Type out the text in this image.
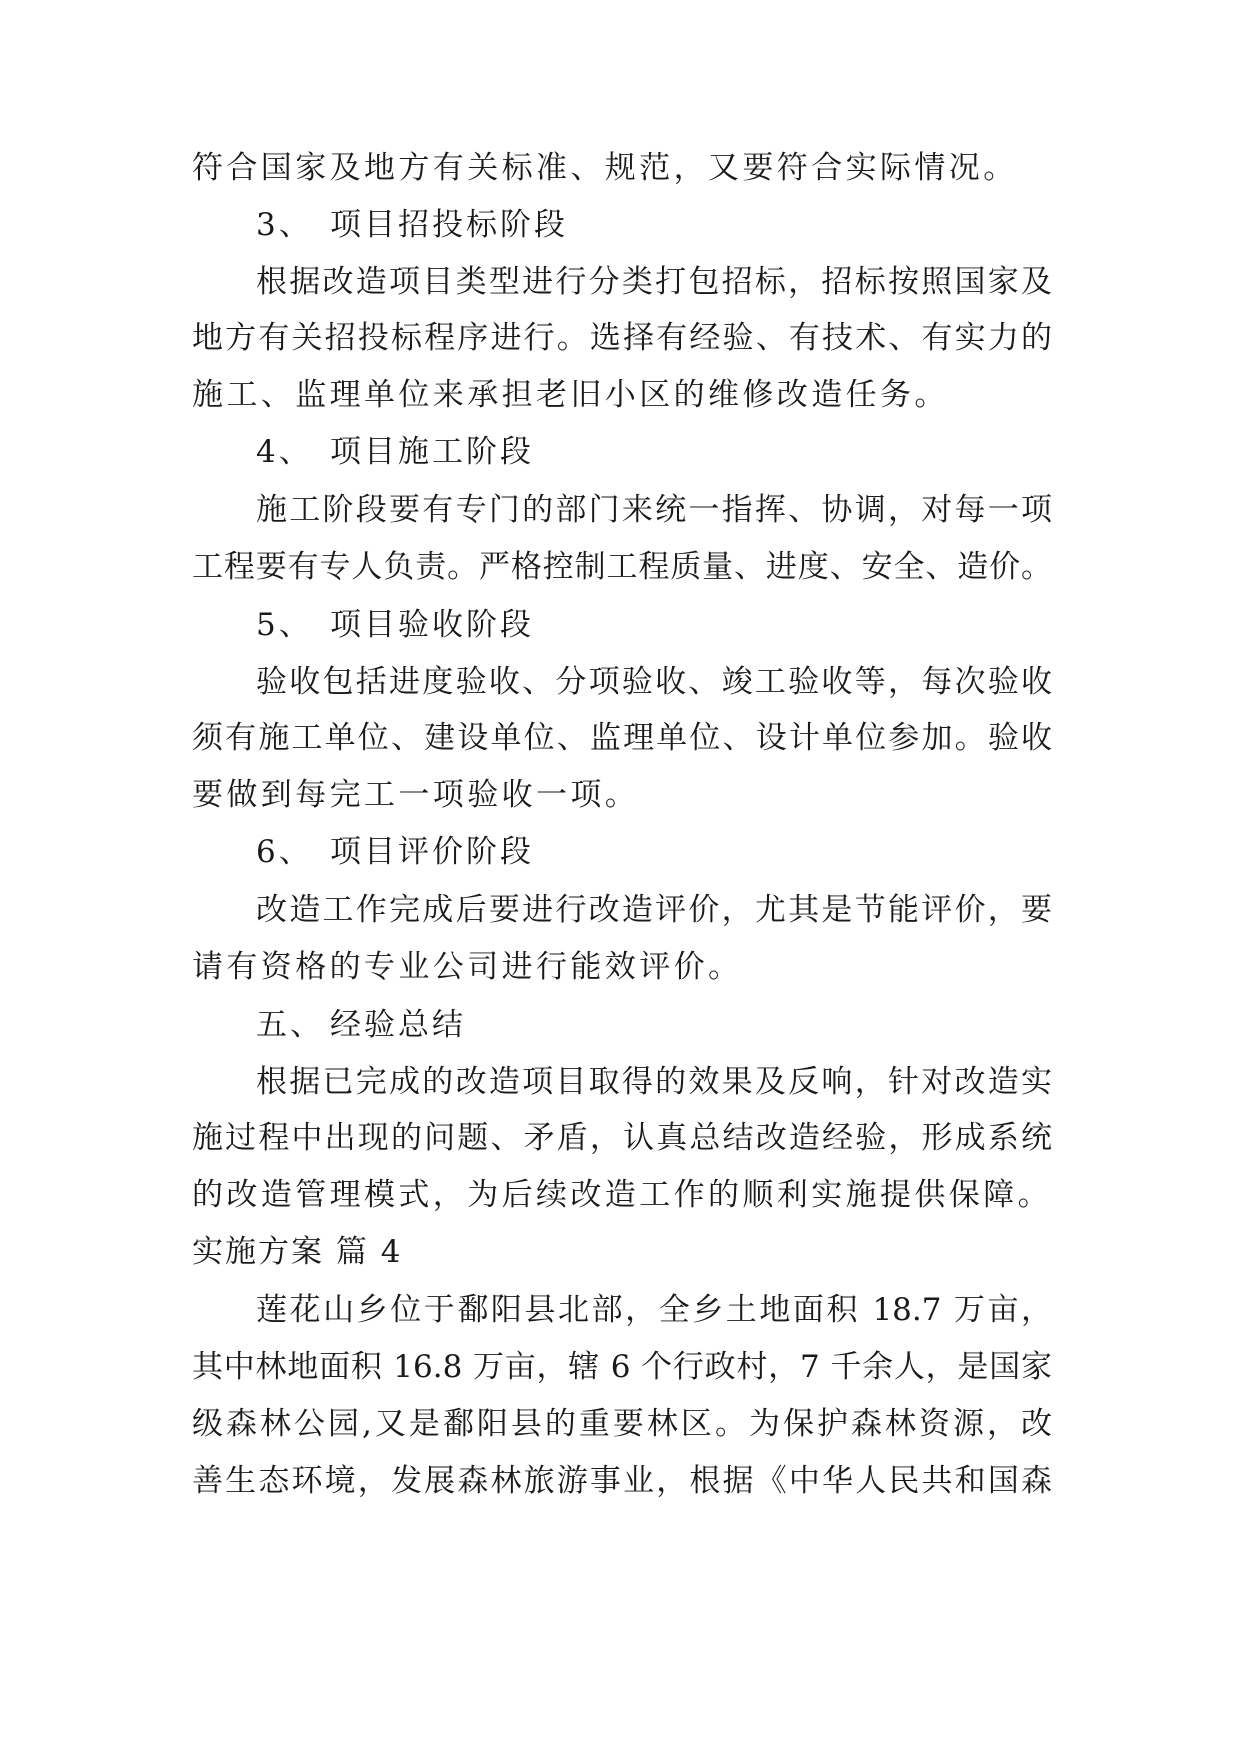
符合国家及地方有关标准、规范，又要符合实际情况。
3、 项目招投标阶段
根据改造项目类型进行分类打包招标，招标按照国家及
地方有关招投标程序进行。选择有经验、有技术、有实力的
施工、监理单位来承担老旧小区的维修改造任务。
4、 项目施工阶段
施工阶段要有专门的部门来统一指挥、协调，对每一项
工程要有专人负责。严格控制工程质量、进度、安全、造价。
5、 项目验收阶段
验收包括进度验收、分项验收、竣工验收等，每次验收
须有施工单位、建设单位、监理单位、设计单位参加。验收
要做到每完工一项验收一项。
6、 项目评价阶段
改造工作完成后要进行改造评价，尤其是节能评价，要
请有资格的专业公司进行能效评价。
五、 经验总结
根据已完成的改造项目取得的效果及反响，针对改造实
施过程中出现的问题、矛盾，认真总结改造经验，形成系统
的改造管理模式，为后续改造工作的顺利实施提供保障。
实施方案 篇 4
莲花山乡位于鄱阳县北部，全乡土地面积 18.7 万亩，
其中林地面积 16.8 万亩，辖 6 个行政村，7 千余人，是国家
级森林公园,又是鄱阳县的重要林区。为保护森林资源，改
善生态环境，发展森林旅游事业，根据《中华人民共和国森
